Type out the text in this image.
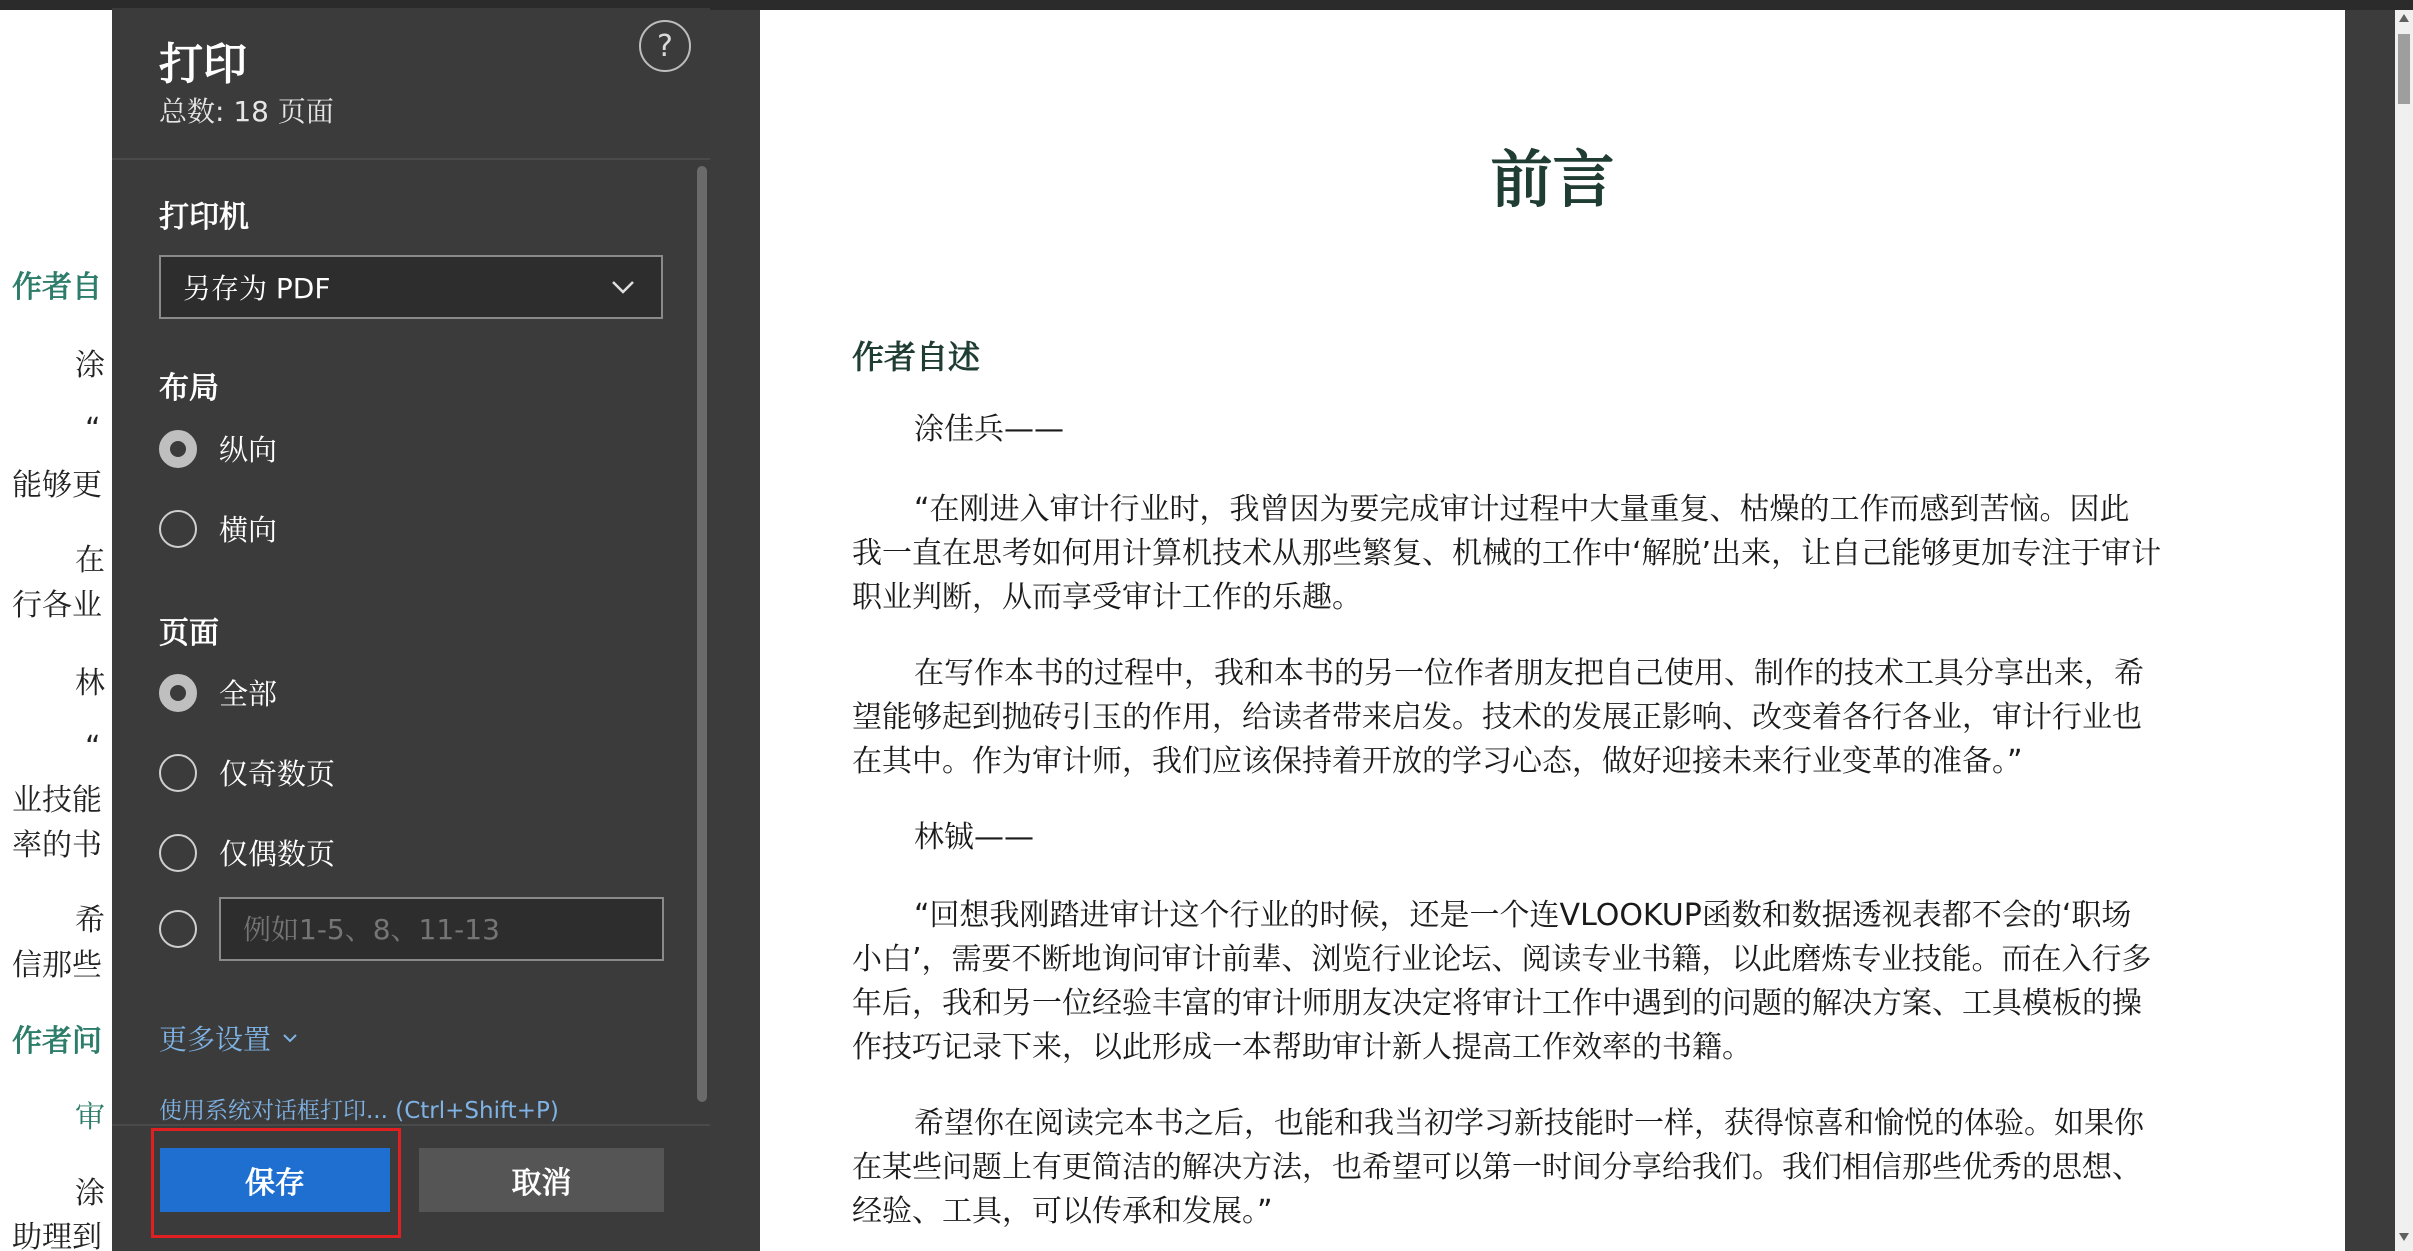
作者自
涂
“
能够更
在
行各业
林
“
业技能
率的书
希
信那些
作者问
审
涂
助理到
打印
总数: 18 页面
?
打印机
另存为 PDF
布局
纵向
横向
页面
全部
仅奇数页
仅偶数页
例如1-5、8、11-13
更多设置
使用系统对话框打印... (Ctrl+Shift+P)
保存	取消
前言
作者自述
涂佳兵——
“在刚进入审计行业时，我曾因为要完成审计过程中大量重复、枯燥的工作而感到苦恼。因此
我一直在思考如何用计算机技术从那些繁复、机械的工作中‘解脱’出来，让自己能够更加专注于审计
职业判断，从而享受审计工作的乐趣。
在写作本书的过程中，我和本书的另一位作者朋友把自己使用、制作的技术工具分享出来，希
望能够起到抛砖引玉的作用，给读者带来启发。技术的发展正影响、改变着各行各业，审计行业也
在其中。作为审计师，我们应该保持着开放的学习心态，做好迎接未来行业变革的准备。”
林铖——
“回想我刚踏进审计这个行业的时候，还是一个连VLOOKUP函数和数据透视表都不会的‘职场
小白’，需要不断地询问审计前辈、浏览行业论坛、阅读专业书籍，以此磨炼专业技能。而在入行多
年后，我和另一位经验丰富的审计师朋友决定将审计工作中遇到的问题的解决方案、工具模板的操
作技巧记录下来，以此形成一本帮助审计新人提高工作效率的书籍。
希望你在阅读完本书之后，也能和我当初学习新技能时一样，获得惊喜和愉悦的体验。如果你
在某些问题上有更简洁的解决方法，也希望可以第一时间分享给我们。我们相信那些优秀的思想、
经验、工具，可以传承和发展。”
